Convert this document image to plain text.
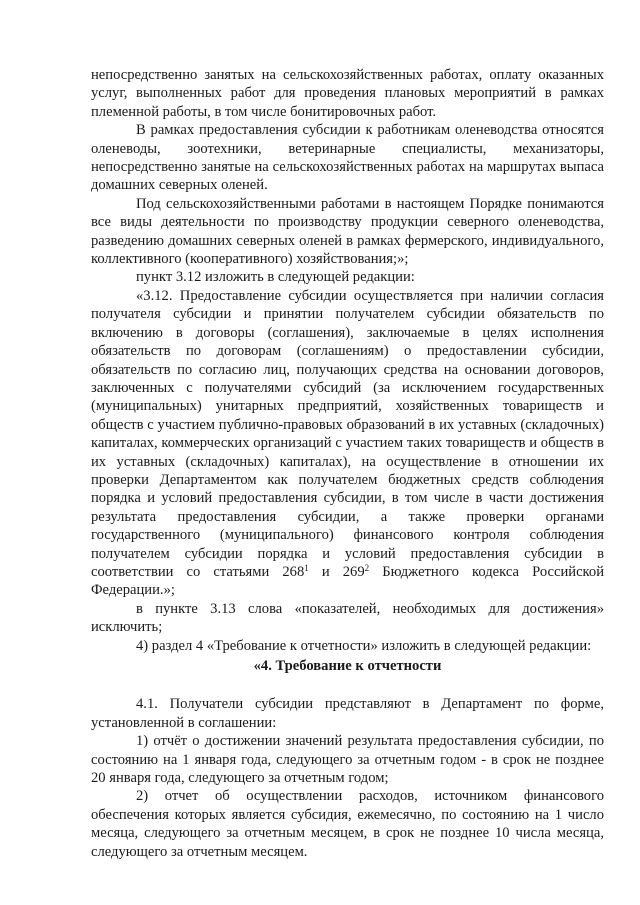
непосредственно занятых на сельскохозяйственных работах, оплату оказанных услуг, выполненных работ для проведения плановых мероприятий в рамках племенной работы, в том числе бонитировочных работ.

В рамках предоставления субсидии к работникам оленеводства относятся оленеводы, зоотехники, ветеринарные специалисты, механизаторы, непосредственно занятые на сельскохозяйственных работах на маршрутах выпаса домашних северных оленей.

Под сельскохозяйственными работами в настоящем Порядке понимаются все виды деятельности по производству продукции северного оленеводства, разведению домашних северных оленей в рамках фермерского, индивидуального, коллективного (кооперативного) хозяйствования;»;

пункт 3.12 изложить в следующей редакции:

«3.12. Предоставление субсидии осуществляется при наличии согласия получателя субсидии и принятии получателем субсидии обязательств по включению в договоры (соглашения), заключаемые в целях исполнения обязательств по договорам (соглашениям) о предоставлении субсидии, обязательств по согласию лиц, получающих средства на основании договоров, заключенных с получателями субсидий (за исключением государственных (муниципальных) унитарных предприятий, хозяйственных товариществ и обществ с участием публично-правовых образований в их уставных (складочных) капиталах, коммерческих организаций с участием таких товариществ и обществ в их уставных (складочных) капиталах), на осуществление в отношении их проверки Департаментом как получателем бюджетных средств соблюдения порядка и условий предоставления субсидии, в том числе в части достижения результата предоставления субсидии, а также проверки органами государственного (муниципального) финансового контроля соблюдения получателем субсидии порядка и условий предоставления субсидии в соответствии со статьями $268^1$ и $269^2$ Бюджетного кодекса Российской Федерации.»;

в пункте 3.13 слова «показателей, необходимых для достижения» исключить;

4) раздел 4 «Требование к отчетности» изложить в следующей редакции:

«4. Требование к отчетности

4.1. Получатели субсидии представляют в Департамент по форме, установленной в соглашении:

1) отчёт о достижении значений результата предоставления субсидии, по состоянию на 1 января года, следующего за отчетным годом - в срок не позднее 20 января года, следующего за отчетным годом;

2) отчет об осуществлении расходов, источником финансового обеспечения которых является субсидия, ежемесячно, по состоянию на 1 число месяца, следующего за отчетным месяцем, в срок не позднее 10 числа месяца, следующего за отчетным месяцем.
